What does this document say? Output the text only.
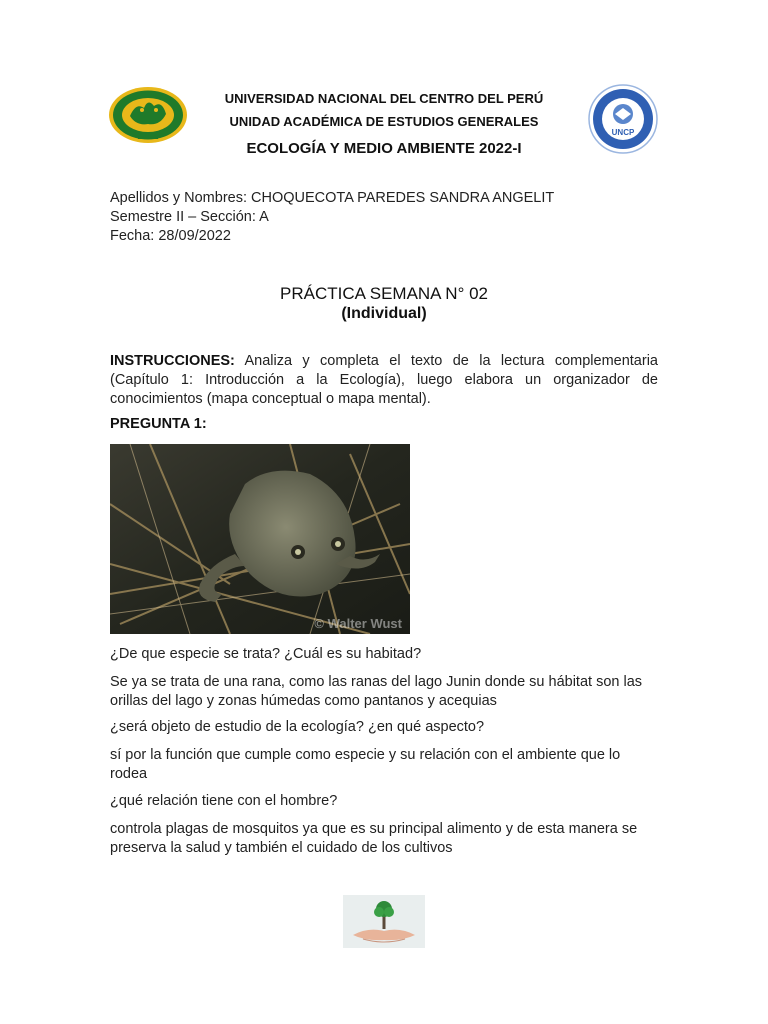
UNCP
UNIVERSIDAD NACIONAL DEL CENTRO DEL PERÚ
UNIDAD ACADÉMICA DE ESTUDIOS GENERALES
ECOLOGÍA Y MEDIO AMBIENTE 2022-I
Apellidos y Nombres: CHOQUECOTA PAREDES SANDRA ANGELIT
Semestre II – Sección: A
Fecha: 28/09/2022
PRÁCTICA SEMANA N° 02
(Individual)
INSTRUCCIONES: Analiza y completa el texto de la lectura complementaria (Capítulo 1: Introducción a la Ecología), luego elabora un organizador de conocimientos (mapa conceptual o mapa mental).
PREGUNTA 1:
© Walter Wust
¿De que especie se trata? ¿Cuál es su habitad?
Se ya se trata de una rana, como las ranas del lago Junin donde su hábitat son las orillas del lago y zonas húmedas como pantanos y acequias
¿será objeto de estudio de la ecología? ¿en qué aspecto?
sí por la función que cumple como especie y su relación con el ambiente que lo rodea
¿qué relación tiene con el hombre?
controla plagas de mosquitos ya que es su principal alimento y de esta manera se preserva la salud y también el cuidado de los cultivos
